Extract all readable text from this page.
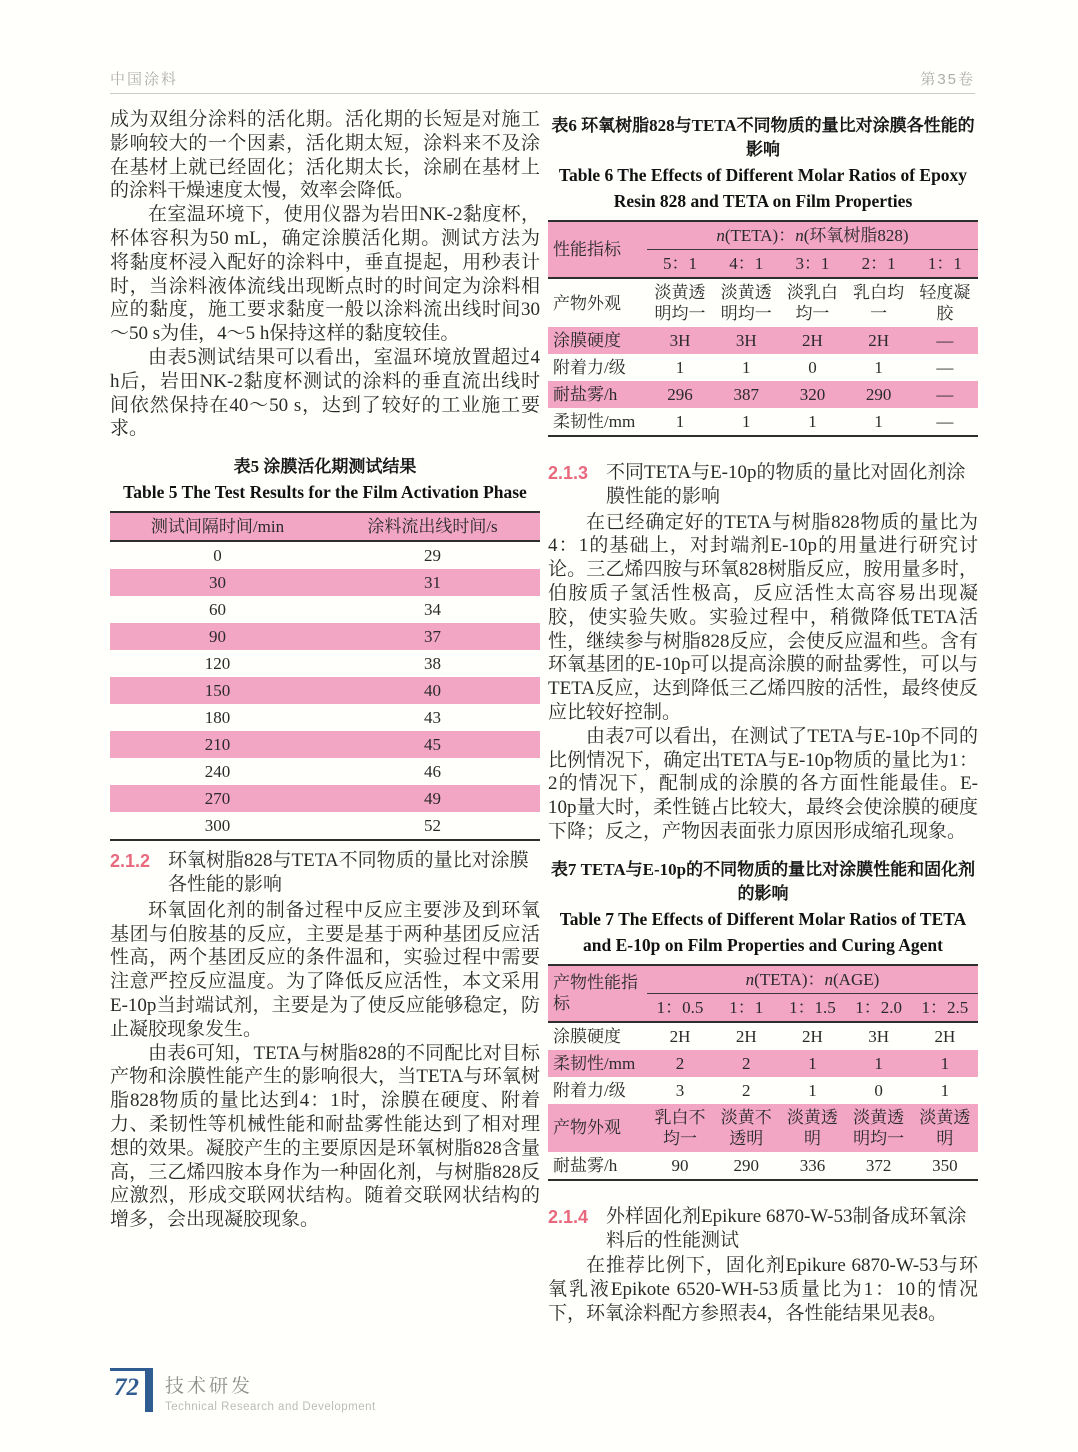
中国涂料	第35卷

成为双组分涂料的活化期。活化期的长短是对施工影响较大的一个因素，活化期太短，涂料来不及涂在基材上就已经固化；活化期太长，涂刷在基材上的涂料干燥速度太慢，效率会降低。

在室温环境下，使用仪器为岩田NK-2黏度杯，杯体容积为50 mL，确定涂膜活化期。测试方法为将黏度杯浸入配好的涂料中，垂直提起，用秒表计时，当涂料液体流线出现断点时的时间定为涂料相应的黏度，施工要求黏度一般以涂料流出线时间30～50 s为佳，4～5 h保持这样的黏度较佳。

由表5测试结果可以看出，室温环境放置超过4 h后，岩田NK-2黏度杯测试的涂料的垂直流出线时间依然保持在40～50 s，达到了较好的工业施工要求。

表5 涂膜活化期测试结果
Table 5 The Test Results for the Film Activation Phase
测试间隔时间/min	涂料流出线时间/s
0	29
30	31
60	34
90	37
120	38
150	40
180	43
210	45
240	46
270	49
300	52
2.1.2 环氧树脂828与TETA不同物质的量比对涂膜各性能的影响

环氧固化剂的制备过程中反应主要涉及到环氧基团与伯胺基的反应，主要是基于两种基团反应活性高，两个基团反应的条件温和，实验过程中需要注意严控反应温度。为了降低反应活性，本文采用E-10p当封端试剂，主要是为了使反应能够稳定，防止凝胶现象发生。

由表6可知，TETA与树脂828的不同配比对目标产物和涂膜性能产生的影响很大，当TETA与环氧树脂828物质的量比达到4：1时，涂膜在硬度、附着力、柔韧性等机械性能和耐盐雾性能达到了相对理想的效果。凝胶产生的主要原因是环氧树脂828含量高，三乙烯四胺本身作为一种固化剂，与树脂828反应激烈，形成交联网状结构。随着交联网状结构的增多，会出现凝胶现象。

表6 环氧树脂828与TETA不同物质的量比对涂膜各性能的影响
Table 6 The Effects of Different Molar Ratios of Epoxy
Resin 828 and TETA on Film Properties
性能指标	n(TETA)：n(环氧树脂828)				
	5：1	4：1	3：1	2：1	1：1
产物外观	淡黄透明均一	淡黄透明均一	淡乳白均一	乳白均一	轻度凝胶
涂膜硬度	3H	3H	2H	2H	—
附着力/级	1	1	0	1	—
耐盐雾/h	296	387	320	290	—
柔韧性/mm	1	1	1	1	—
2.1.3 不同TETA与E-10p的物质的量比对固化剂涂膜性能的影响

在已经确定好的TETA与树脂828物质的量比为4：1的基础上，对封端剂E-10p的用量进行研究讨论。三乙烯四胺与环氧828树脂反应，胺用量多时，伯胺质子氢活性极高，反应活性太高容易出现凝胶，使实验失败。实验过程中，稍微降低TETA活性，继续参与树脂828反应，会使反应温和些。含有环氧基团的E-10p可以提高涂膜的耐盐雾性，可以与TETA反应，达到降低三乙烯四胺的活性，最终使反应比较好控制。

由表7可以看出，在测试了TETA与E-10p不同的比例情况下，确定出TETA与E-10p物质的量比为1：2的情况下，配制成的涂膜的各方面性能最佳。E-10p量大时，柔性链占比较大，最终会使涂膜的硬度下降；反之，产物因表面张力原因形成缩孔现象。

表7 TETA与E-10p的不同物质的量比对涂膜性能和固化剂的影响
Table 7 The Effects of Different Molar Ratios of TETA
and E-10p on Film Properties and Curing Agent
产物性能指标	n(TETA)：n(AGE)				
	1：0.5	1：1	1：1.5	1：2.0	1：2.5
涂膜硬度	2H	2H	2H	3H	2H
柔韧性/mm	2	2	1	1	1
附着力/级	3	2	1	0	1
产物外观	乳白不均一	淡黄不透明	淡黄透明	淡黄透明均一	淡黄透明
耐盐雾/h	90	290	336	372	350
2.1.4 外样固化剂Epikure 6870-W-53制备成环氧涂料后的性能测试

在推荐比例下，固化剂Epikure 6870-W-53与环氧乳液Epikote 6520-WH-53质量比为1：10的情况下，环氧涂料配方参照表4，各性能结果见表8。

72	技术研发
Technical Research and Development
